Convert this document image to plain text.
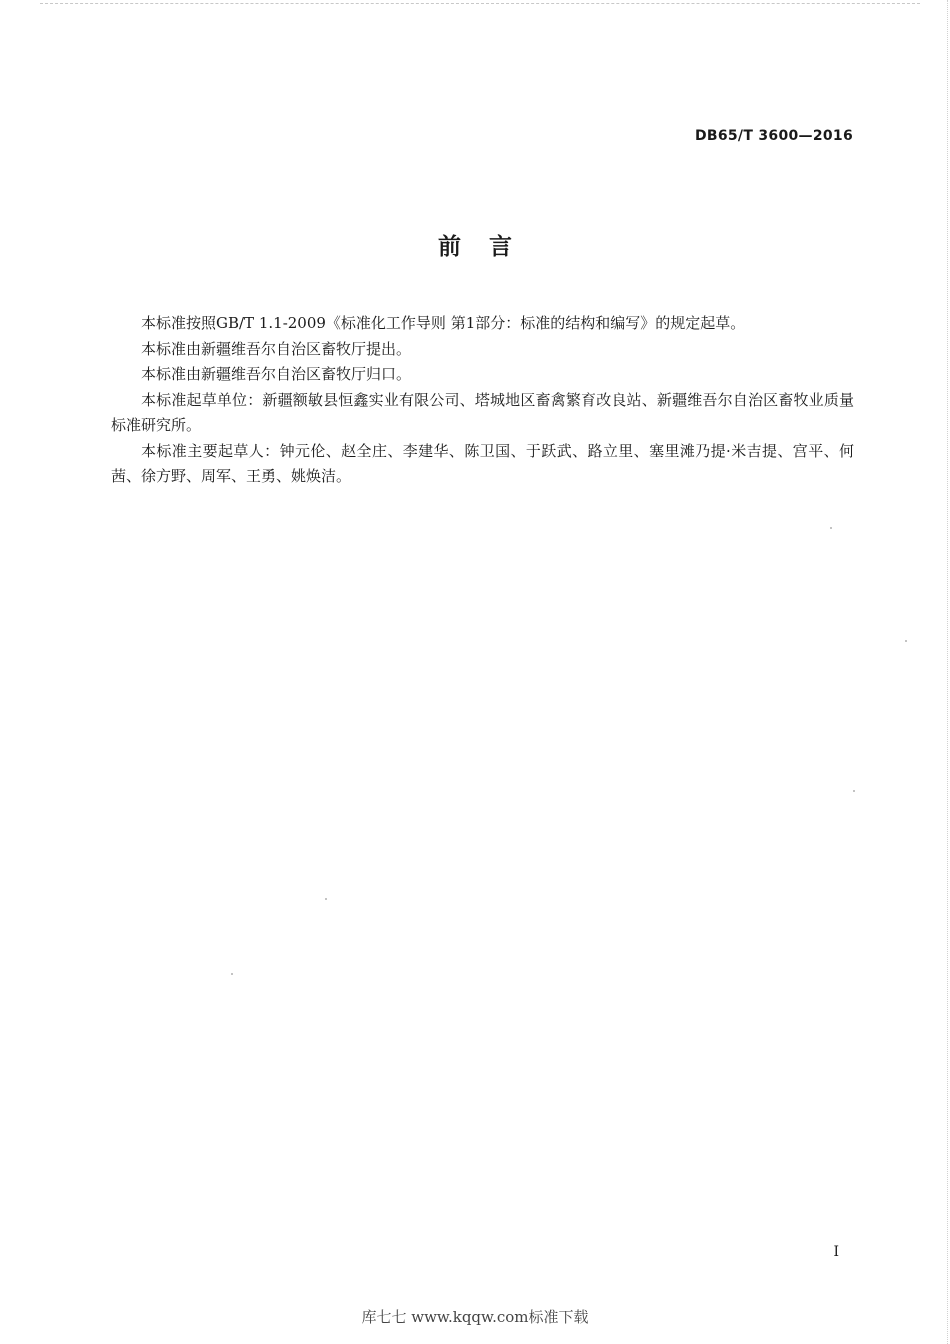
DB65/T 3600—2016
前言

本标准按照GB/T 1.1-2009《标准化工作导则 第1部分：标准的结构和编写》的规定起草。

本标准由新疆维吾尔自治区畜牧厅提出。

本标准由新疆维吾尔自治区畜牧厅归口。

本标准起草单位：新疆额敏县恒鑫实业有限公司、塔城地区畜禽繁育改良站、新疆维吾尔自治区畜牧业质量标准研究所。

本标准主要起草人：钟元伦、赵全庄、李建华、陈卫国、于跃武、路立里、塞里滩乃提·米吉提、宫平、何茜、徐方野、周军、王勇、姚焕洁。

I
库七七 www.kqqw.com标准下载
